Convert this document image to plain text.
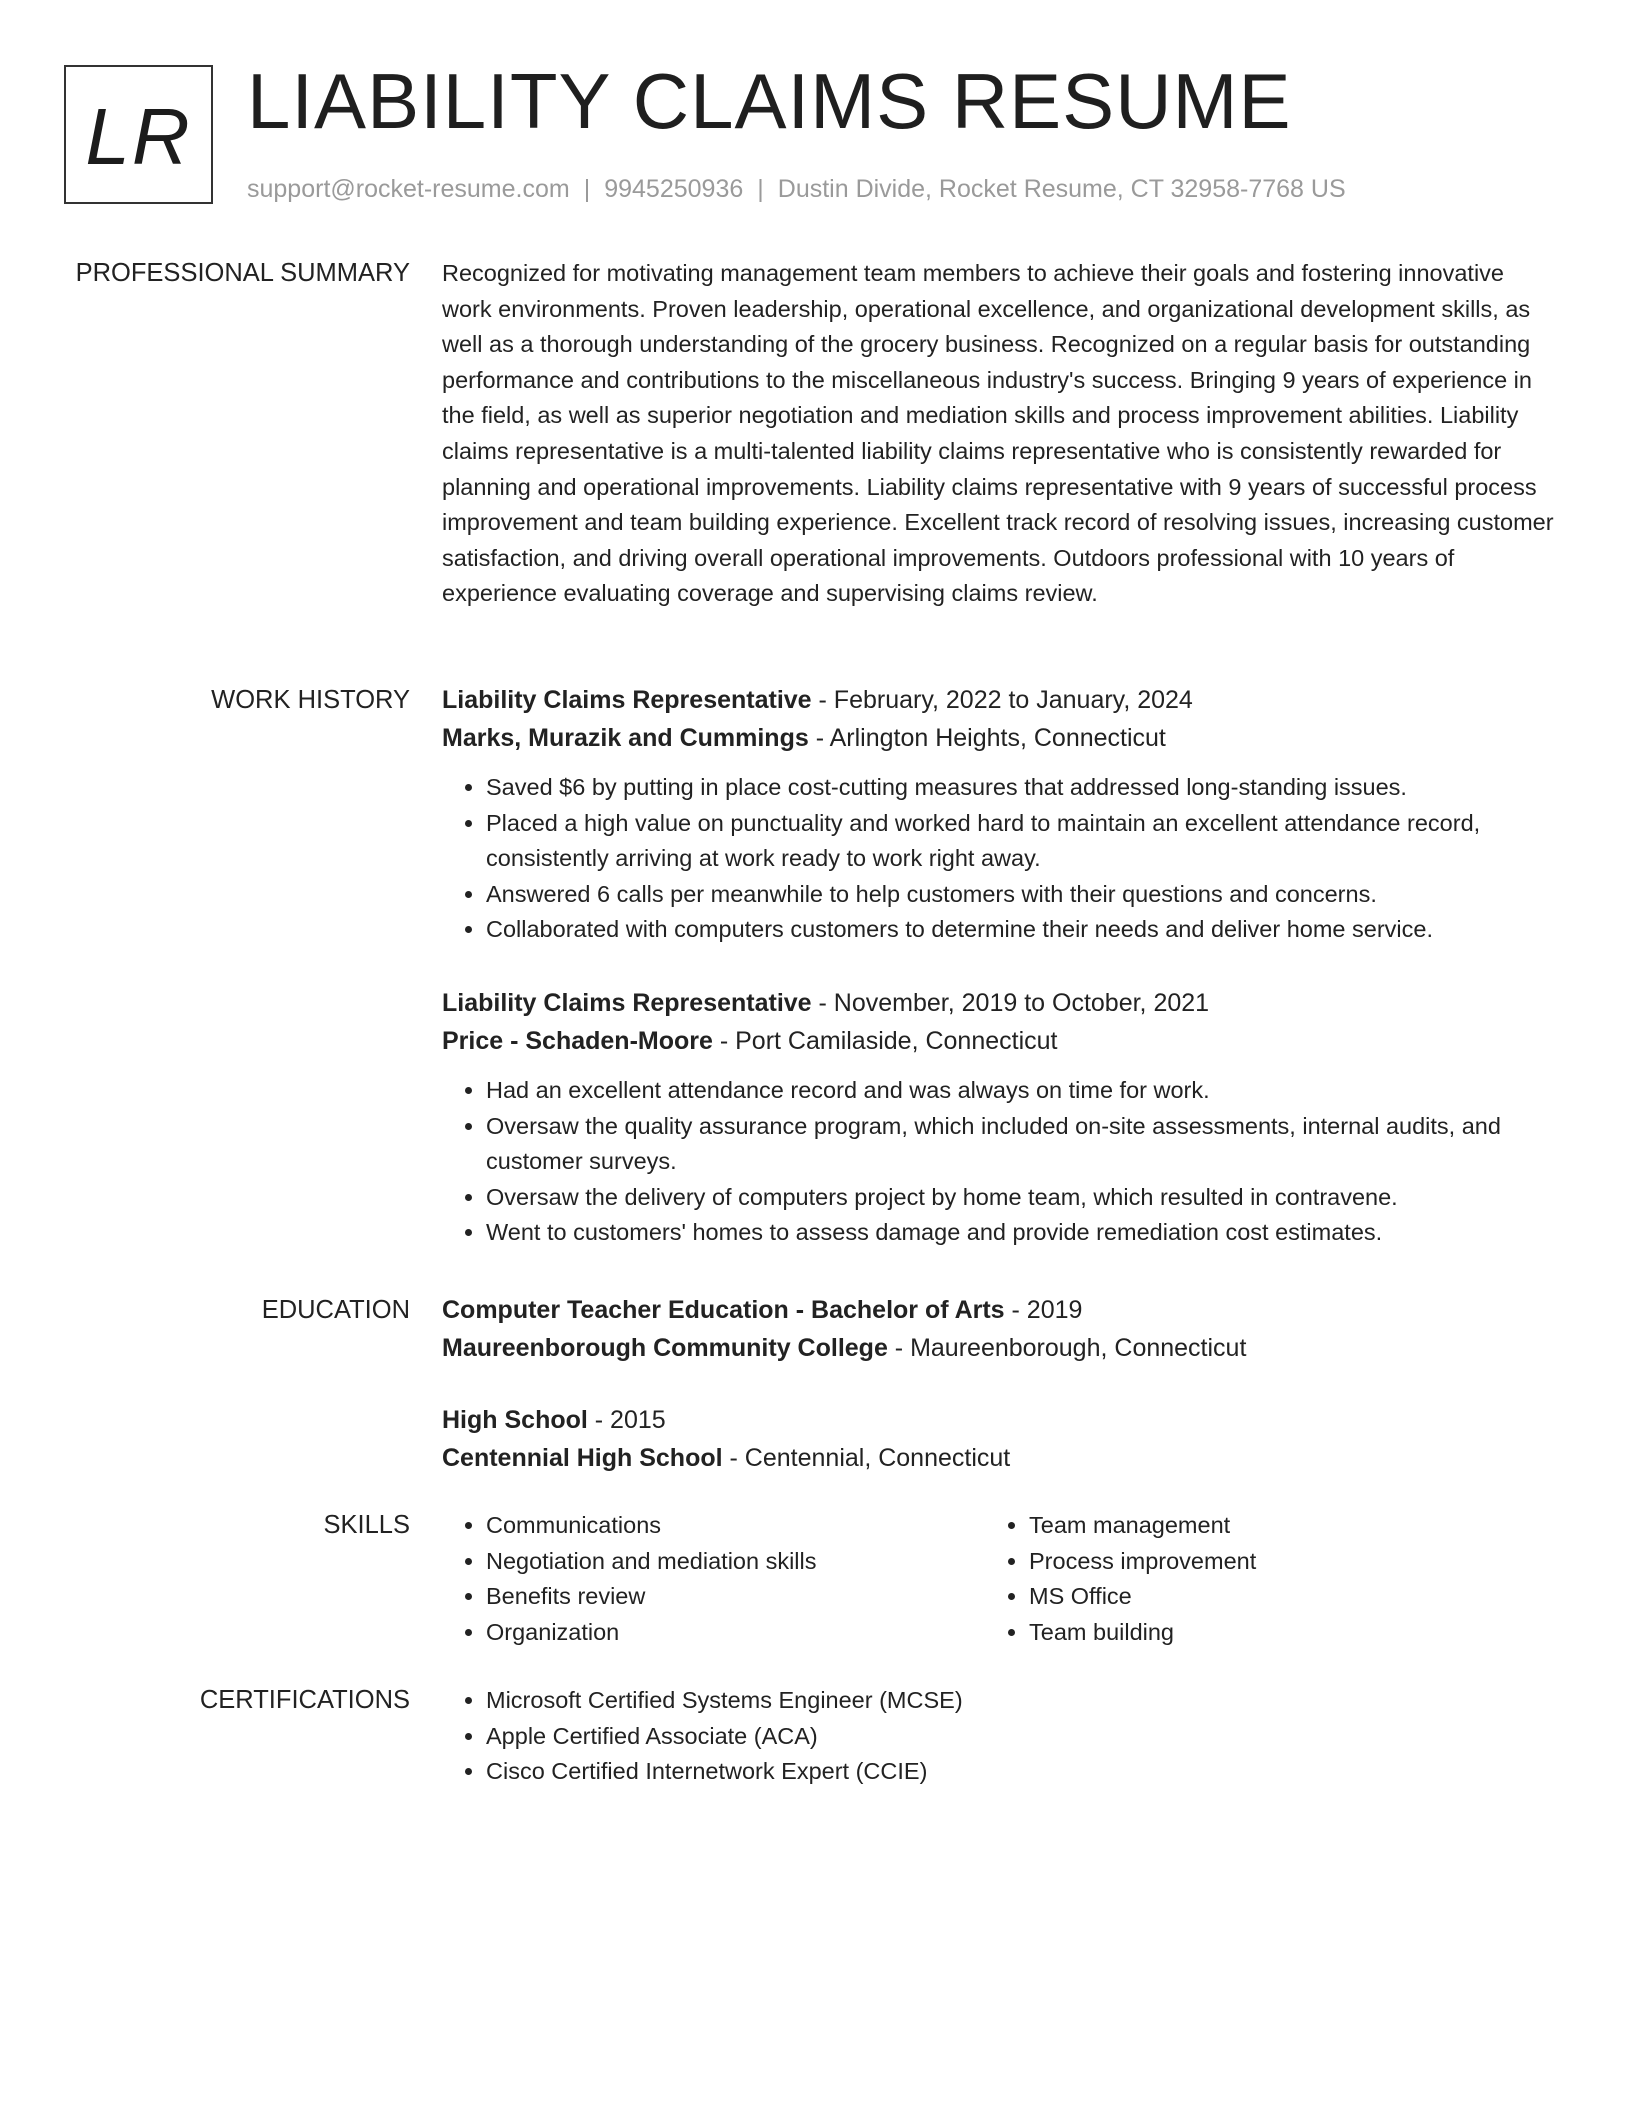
LR LIABILITY CLAIMS RESUME
support@rocket-resume.com | 9945250936 | Dustin Divide, Rocket Resume, CT 32958-7768 US
PROFESSIONAL SUMMARY Recognized for motivating management team members to achieve their goals and fostering innovative work environments. Proven leadership, operational excellence, and organizational development skills, as well as a thorough understanding of the grocery business. Recognized on a regular basis for outstanding performance and contributions to the miscellaneous industry's success. Bringing 9 years of experience in the field, as well as superior negotiation and mediation skills and process improvement abilities. Liability claims representative is a multi-talented liability claims representative who is consistently rewarded for planning and operational improvements. Liability claims representative with 9 years of successful process improvement and team building experience. Excellent track record of resolving issues, increasing customer satisfaction, and driving overall operational improvements. Outdoors professional with 10 years of experience evaluating coverage and supervising claims review.

WORK HISTORY Liability Claims Representative - February, 2022 to January, 2024
Marks, Murazik and Cummings - Arlington Heights, Connecticut
• Saved $6 by putting in place cost-cutting measures that addressed long-standing issues.
• Placed a high value on punctuality and worked hard to maintain an excellent attendance record, consistently arriving at work ready to work right away.
• Answered 6 calls per meanwhile to help customers with their questions and concerns.
• Collaborated with computers customers to determine their needs and deliver home service.
Liability Claims Representative - November, 2019 to October, 2021
Price - Schaden-Moore - Port Camilaside, Connecticut
• Had an excellent attendance record and was always on time for work.
• Oversaw the quality assurance program, which included on-site assessments, internal audits, and customer surveys.
• Oversaw the delivery of computers project by home team, which resulted in contravene.
• Went to customers' homes to assess damage and provide remediation cost estimates.
EDUCATION Computer Teacher Education - Bachelor of Arts - 2019
Maureenborough Community College - Maureenborough, Connecticut
High School - 2015
Centennial High School - Centennial, Connecticut
SKILLS	• Communications
• Negotiation and mediation skills
• Benefits review
• Organization
• Team management
• Process improvement
• MS Office
• Team building
CERTIFICATIONS	• Microsoft Certified Systems Engineer (MCSE)
• Apple Certified Associate (ACA)
• Cisco Certified Internetwork Expert (CCIE)
